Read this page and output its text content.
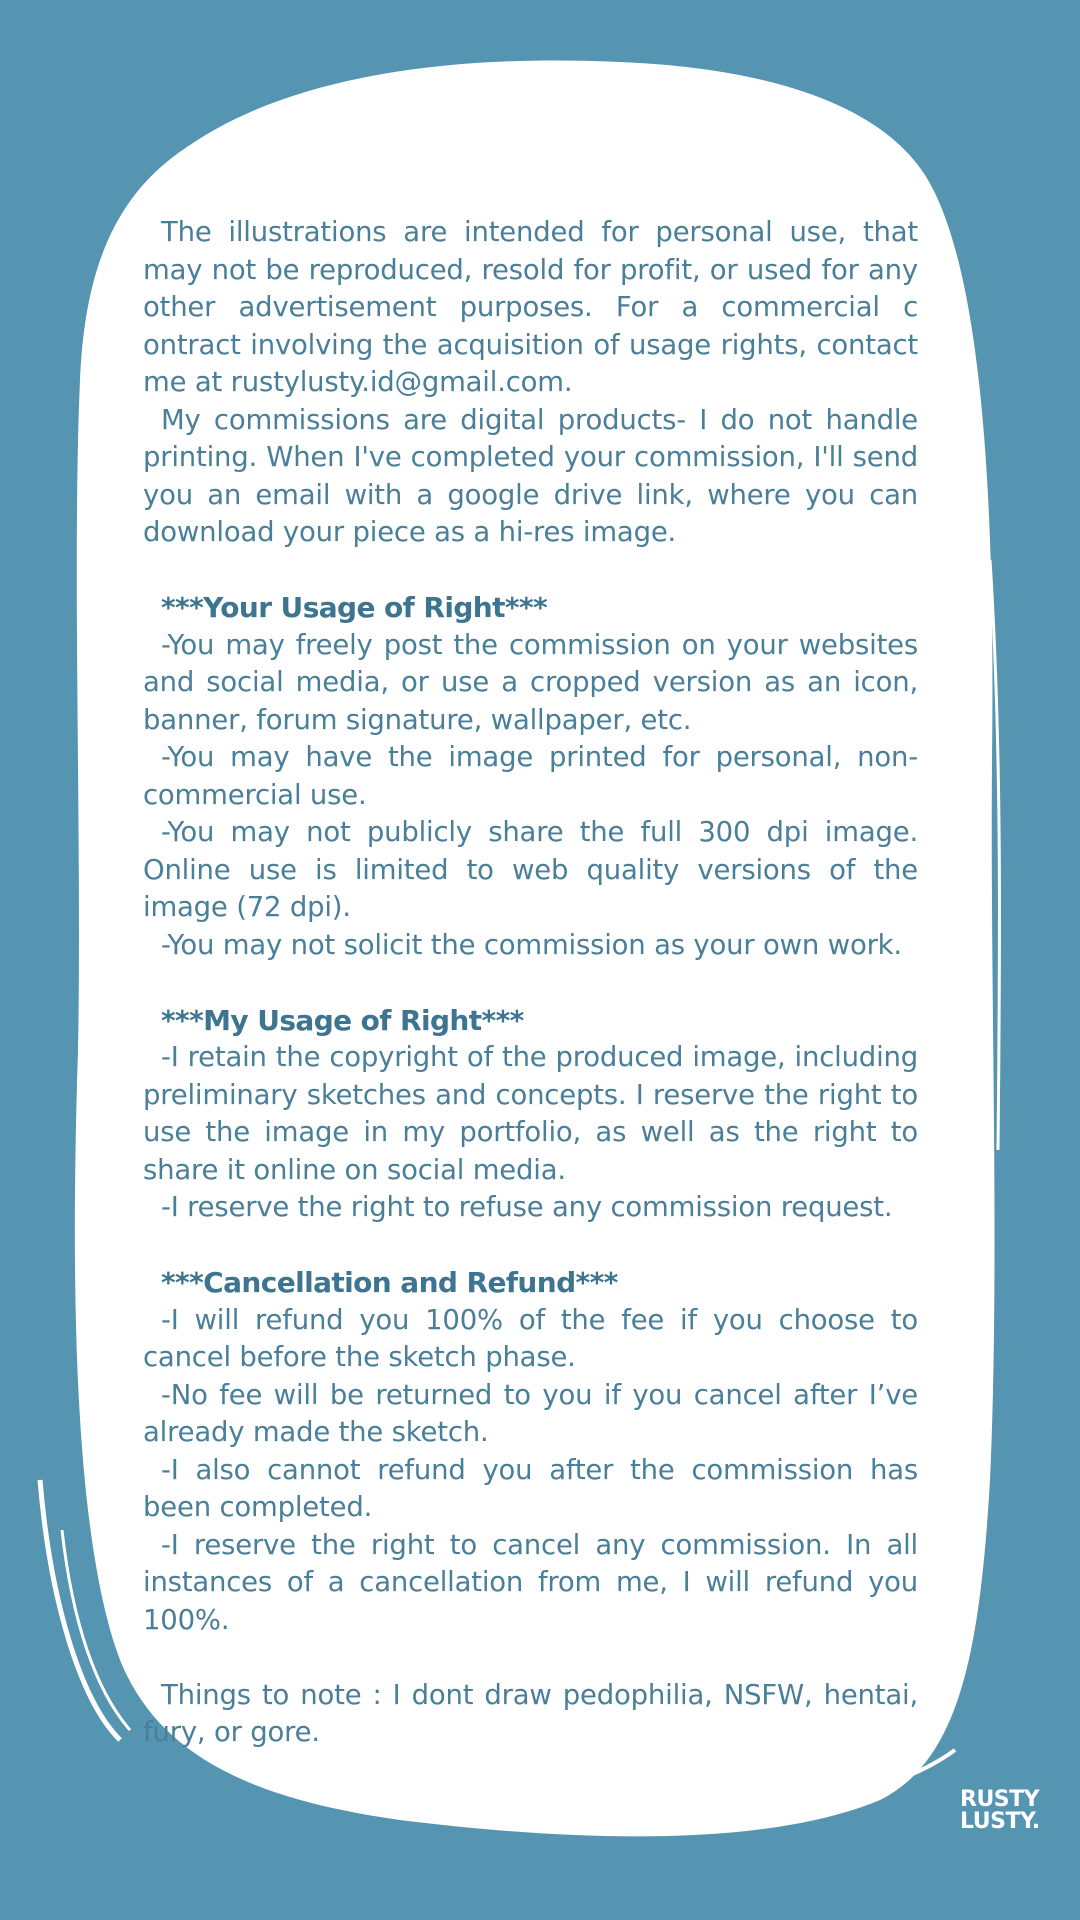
The illustrations are intended for personal use, that may not be reproduced, resold for profit, or used for any other advertisement purposes. For a commercial c ontract involving the acquisition of usage rights, contact me at rustylusty.id@gmail.com.

My commissions are digital products- I do not handle printing. When I've completed your commission, I'll send you an email with a google drive link, where you can download your piece as a hi-res image.

***Your Usage of Right***

-You may freely post the commission on your websites and social media, or use a cropped version as an icon, banner, forum signature, wallpaper, etc.

-You may have the image printed for personal, non-commercial use.

-You may not publicly share the full 300 dpi image. Online use is limited to web quality versions of the image (72 dpi).

-You may not solicit the commission as your own work.

***My Usage of Right***

-I retain the copyright of the produced image, including preliminary sketches and concepts. I reserve the right to use the image in my portfolio, as well as the right to share it online on social media.

-I reserve the right to refuse any commission request.

***Cancellation and Refund***

-I will refund you 100% of the fee if you choose to cancel before the sketch phase.

-No fee will be returned to you if you cancel after I’ve already made the sketch.

-I also cannot refund you after the commission has been completed.

-I reserve the right to cancel any commission. In all instances of a cancellation from me, I will refund you 100%.

Things to note : I dont draw pedophilia, NSFW, hentai, fury, or gore.

RUSTY
LUSTY.
